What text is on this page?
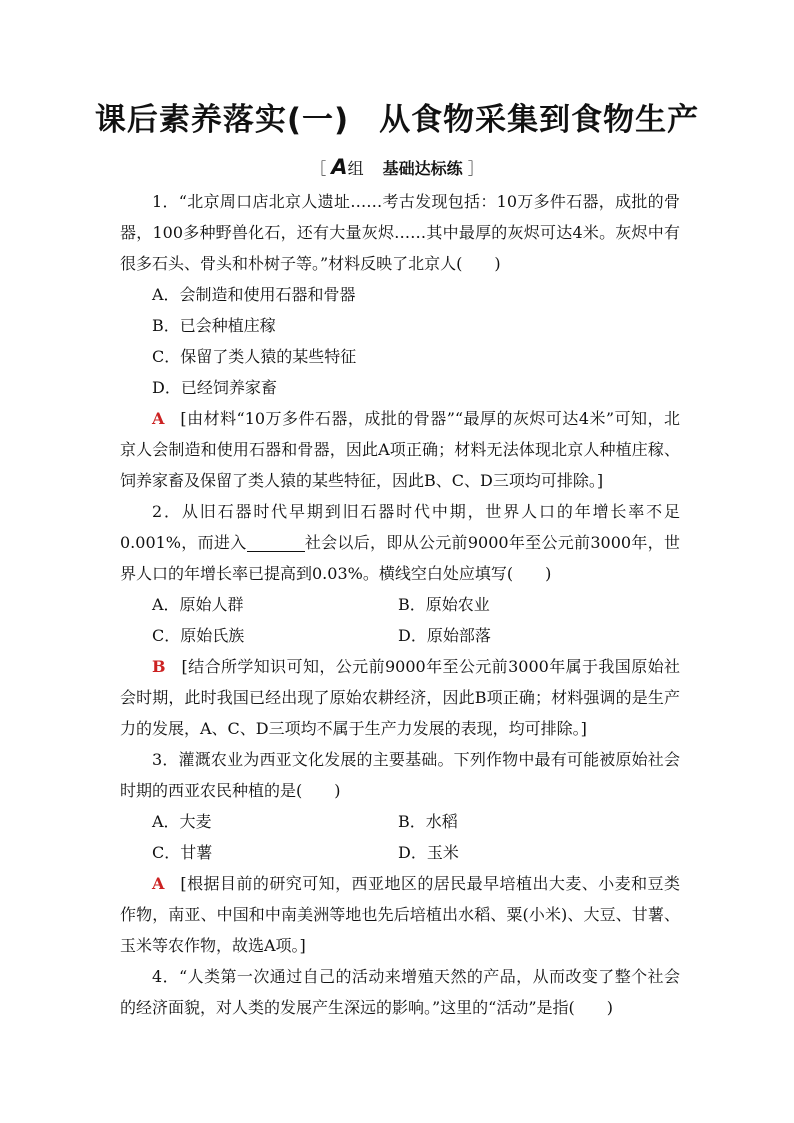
课后素养落实(一) 从食物采集到食物生产
［ A组 基础达标练 ］

1．“北京周口店北京人遗址……考古发现包括：10万多件石器，成批的骨器，100多种野兽化石，还有大量灰烬……其中最厚的灰烬可达4米。灰烬中有很多石头、骨头和朴树子等。”材料反映了北京人(　　)

A．会制造和使用石器和骨器

B．已会种植庄稼

C．保留了类人猿的某些特征

D．已经饲养家畜

A [由材料“10万多件石器，成批的骨器”“最厚的灰烬可达4米”可知，北京人会制造和使用石器和骨器，因此A项正确；材料无法体现北京人种植庄稼、饲养家畜及保留了类人猿的某些特征，因此B、C、D三项均可排除。]

2．从旧石器时代早期到旧石器时代中期，世界人口的年增长率不足0.001%，而进入	社会以后，即从公元前9000年至公元前3000年，世界人口的年增长率已提高到0.03%。横线空白处应填写(　　)

A．原始人群	B．原始农业
C．原始氏族	D．原始部落

B [结合所学知识可知，公元前9000年至公元前3000年属于我国原始社会时期，此时我国已经出现了原始农耕经济，因此B项正确；材料强调的是生产力的发展，A、C、D三项均不属于生产力发展的表现，均可排除。]

3．灌溉农业为西亚文化发展的主要基础。下列作物中最有可能被原始社会时期的西亚农民种植的是(　　)

A．大麦	B．水稻
C．甘薯	D．玉米

A [根据目前的研究可知，西亚地区的居民最早培植出大麦、小麦和豆类作物，南亚、中国和中南美洲等地也先后培植出水稻、粟(小米)、大豆、甘薯、玉米等农作物，故选A项。]

4．“人类第一次通过自己的活动来增殖天然的产品，从而改变了整个社会的经济面貌，对人类的发展产生深远的影响。”这里的“活动”是指(　　)
